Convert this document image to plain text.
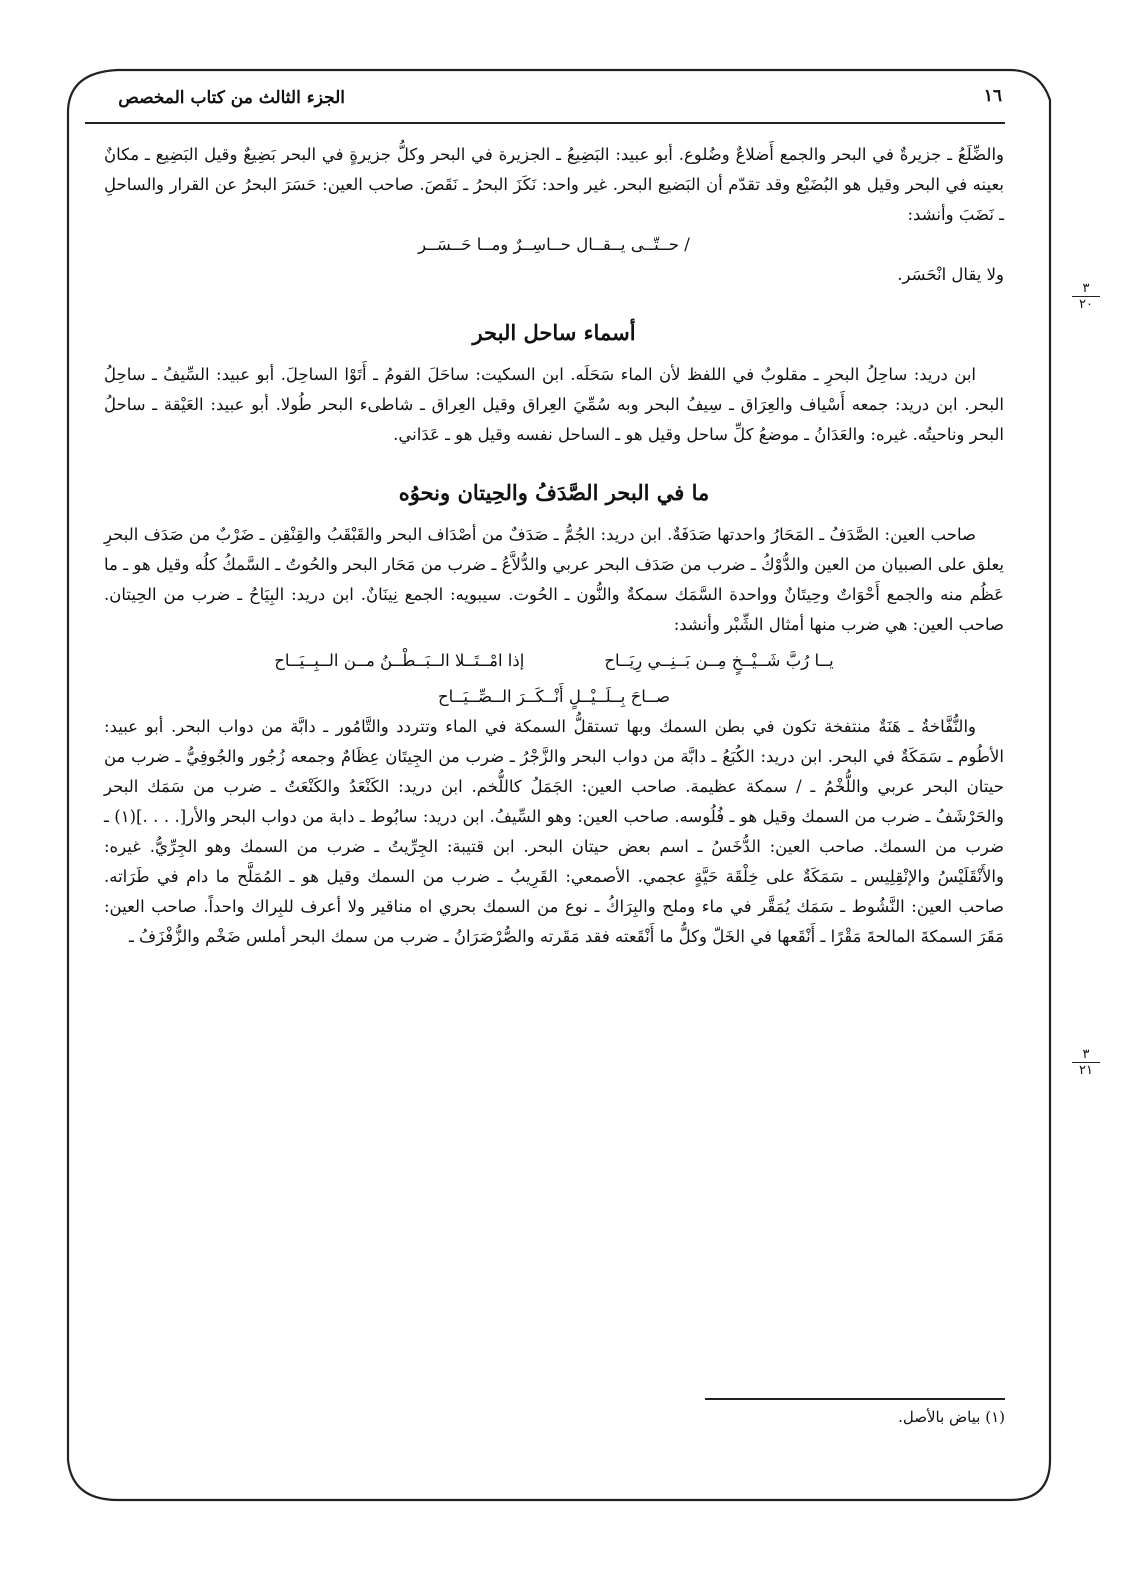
١٦
الجزء الثالث من كتاب المخصص
٣
٢٠
٣
٢١

والضِّلَعُ ـ جزيرةٌ في البحر والجمع أَضلاعٌ وضُلوع. أبو عبيد: البَضِيعُ ـ الجزيرة في البحر وكلُّ جزيرةٍ في البحر بَضِيعٌ وقيل البَضِيع ـ مكانٌ بعينه في البحر وقيل هو البُضَيْع وقد تقدّم أن البَضيع البحر. غير واحد: نَكَزَ البحرُ ـ نَقَصَ. صاحب العين: حَسَرَ البحرُ عن القرار والساحلِ ـ نَضَبَ وأنشد:

/ حــتّــى يــقــال حــاسِــرٌ ومــا حَــسَــر

ولا يقال انْحَسَر.

أسماء ساحل البحر

ابن دريد: ساحِلُ البحرِ ـ مقلوبٌ في اللفظ لأن الماء سَحَلَه. ابن السكيت: ساحَلَ القومُ ـ أَتَوْا الساحِلَ. أبو عبيد: السِّيفُ ـ ساحِلُ البحر. ابن دريد: جمعه أَسْياف والعِرَاق ـ سِيفُ البحر وبه سُمِّيَ العِراق وقيل العِراق ـ شاطىء البحر طُولا. أبو عبيد: العَيْقة ـ ساحلُ البحر وناحيتُه. غيره: والعَدَانُ ـ موضعُ كلِّ ساحل وقيل هو ـ الساحل نفسه وقيل هو ـ عَدَاني.

ما في البحر الصَّدَفُ والحِيتان ونحوُه

صاحب العين: الصَّدَفُ ـ المَحَارُ واحدتها صَدَفَةٌ. ابن دريد: الجُمُّ ـ صَدَفٌ من أصْدَاف البحر والقَبْقَبُ والقِنْقِن ـ ضَرْبٌ من صَدَف البحرِ يعلق على الصبيان من العين والدُّوْكُ ـ ضرب من صَدَف البحر عربي والدُّلاَّعُ ـ ضرب من مَحَار البحر والحُوتُ ـ السَّمكُ كلُه وقيل هو ـ ما عَظُم منه والجمع أَحْوَاتٌ وحِيتَانٌ وواحدة السَّمَك سمكةٌ والنُّون ـ الحُوت. سيبويه: الجمع نِينَانٌ. ابن دريد: البِيَاحُ ـ ضرب من الحِيتان. صاحب العين: هي ضرب منها أمثال الشِّبْر وأنشد:

يــا رُبَّ شَــيْــخٍ مِــن بَــنِــي رِيَــاح
إذا امْــتَــلا الــبَــطْــنُ مــن الــبِــيَــاح

صــاحَ بِــلَــيْــلٍ أَنْــكَــرَ الــصِّــيَــاح

والنُّفَّاخةُ ـ هَنَةٌ منتفخة تكون في بطن السمك وبها تستقلُّ السمكة في الماء وتتردد والتَّامُور ـ دابَّة من دواب البحر. أبو عبيد: الأطُوم ـ سَمَكَةٌ في البحر. ابن دريد: الكُبَعُ ـ دابَّة من دواب البحر والزَّجْرُ ـ ضرب من الجِيتَان عِظَامٌ وجمعه زُجُور والجُوفِيُّ ـ ضرب من حيتان البحر عربي واللُّخْمُ ـ / سمكة عظيمة. صاحب العين: الجَمَلُ كاللُّخم. ابن دريد: الكَنْعَدُ والكَنْعَتُ ـ ضرب من سَمَك البحر والحَرْشَفُ ـ ضرب من السمك وقيل هو ـ فُلُوسه. صاحب العين: وهو السِّيفُ. ابن دريد: سابُوط ـ دابة من دواب البحر والأر[. . . .](١) ـ ضرب من السمك. صاحب العين: الدُّخَسُ ـ اسم بعض حيتان البحر. ابن قتيبة: الجِرِّيتُ ـ ضرب من السمك وهو الجِرِّيُّ. غيره: والأَنْقَلَيْسُ والإنْقِلِيس ـ سَمَكَةٌ على خِلْقَة حَيَّةٍ عجمي. الأصمعي: القَرِيبُ ـ ضرب من السمك وقيل هو ـ المُمَلَّح ما دام في طَرَاته. صاحب العين: النَّشُوط ـ سَمَك يُمَقَّر في ماء وملح والبِرَاكُ ـ نوع من السمك بحري اه مناقير ولا أعرف للبِراك واحداً. صاحب العين: مَقَرَ السمكةَ المالحةَ مَقْرًا ـ أَنْقَعها في الخَلّ وكلُّ ما أَنْقَعته فقد مَقَرته والصُّرْصَرَانُ ـ ضرب من سمك البحر أملس ضَخْم والزُّفْزَفُ ـ

(١) بياض بالأصل.
